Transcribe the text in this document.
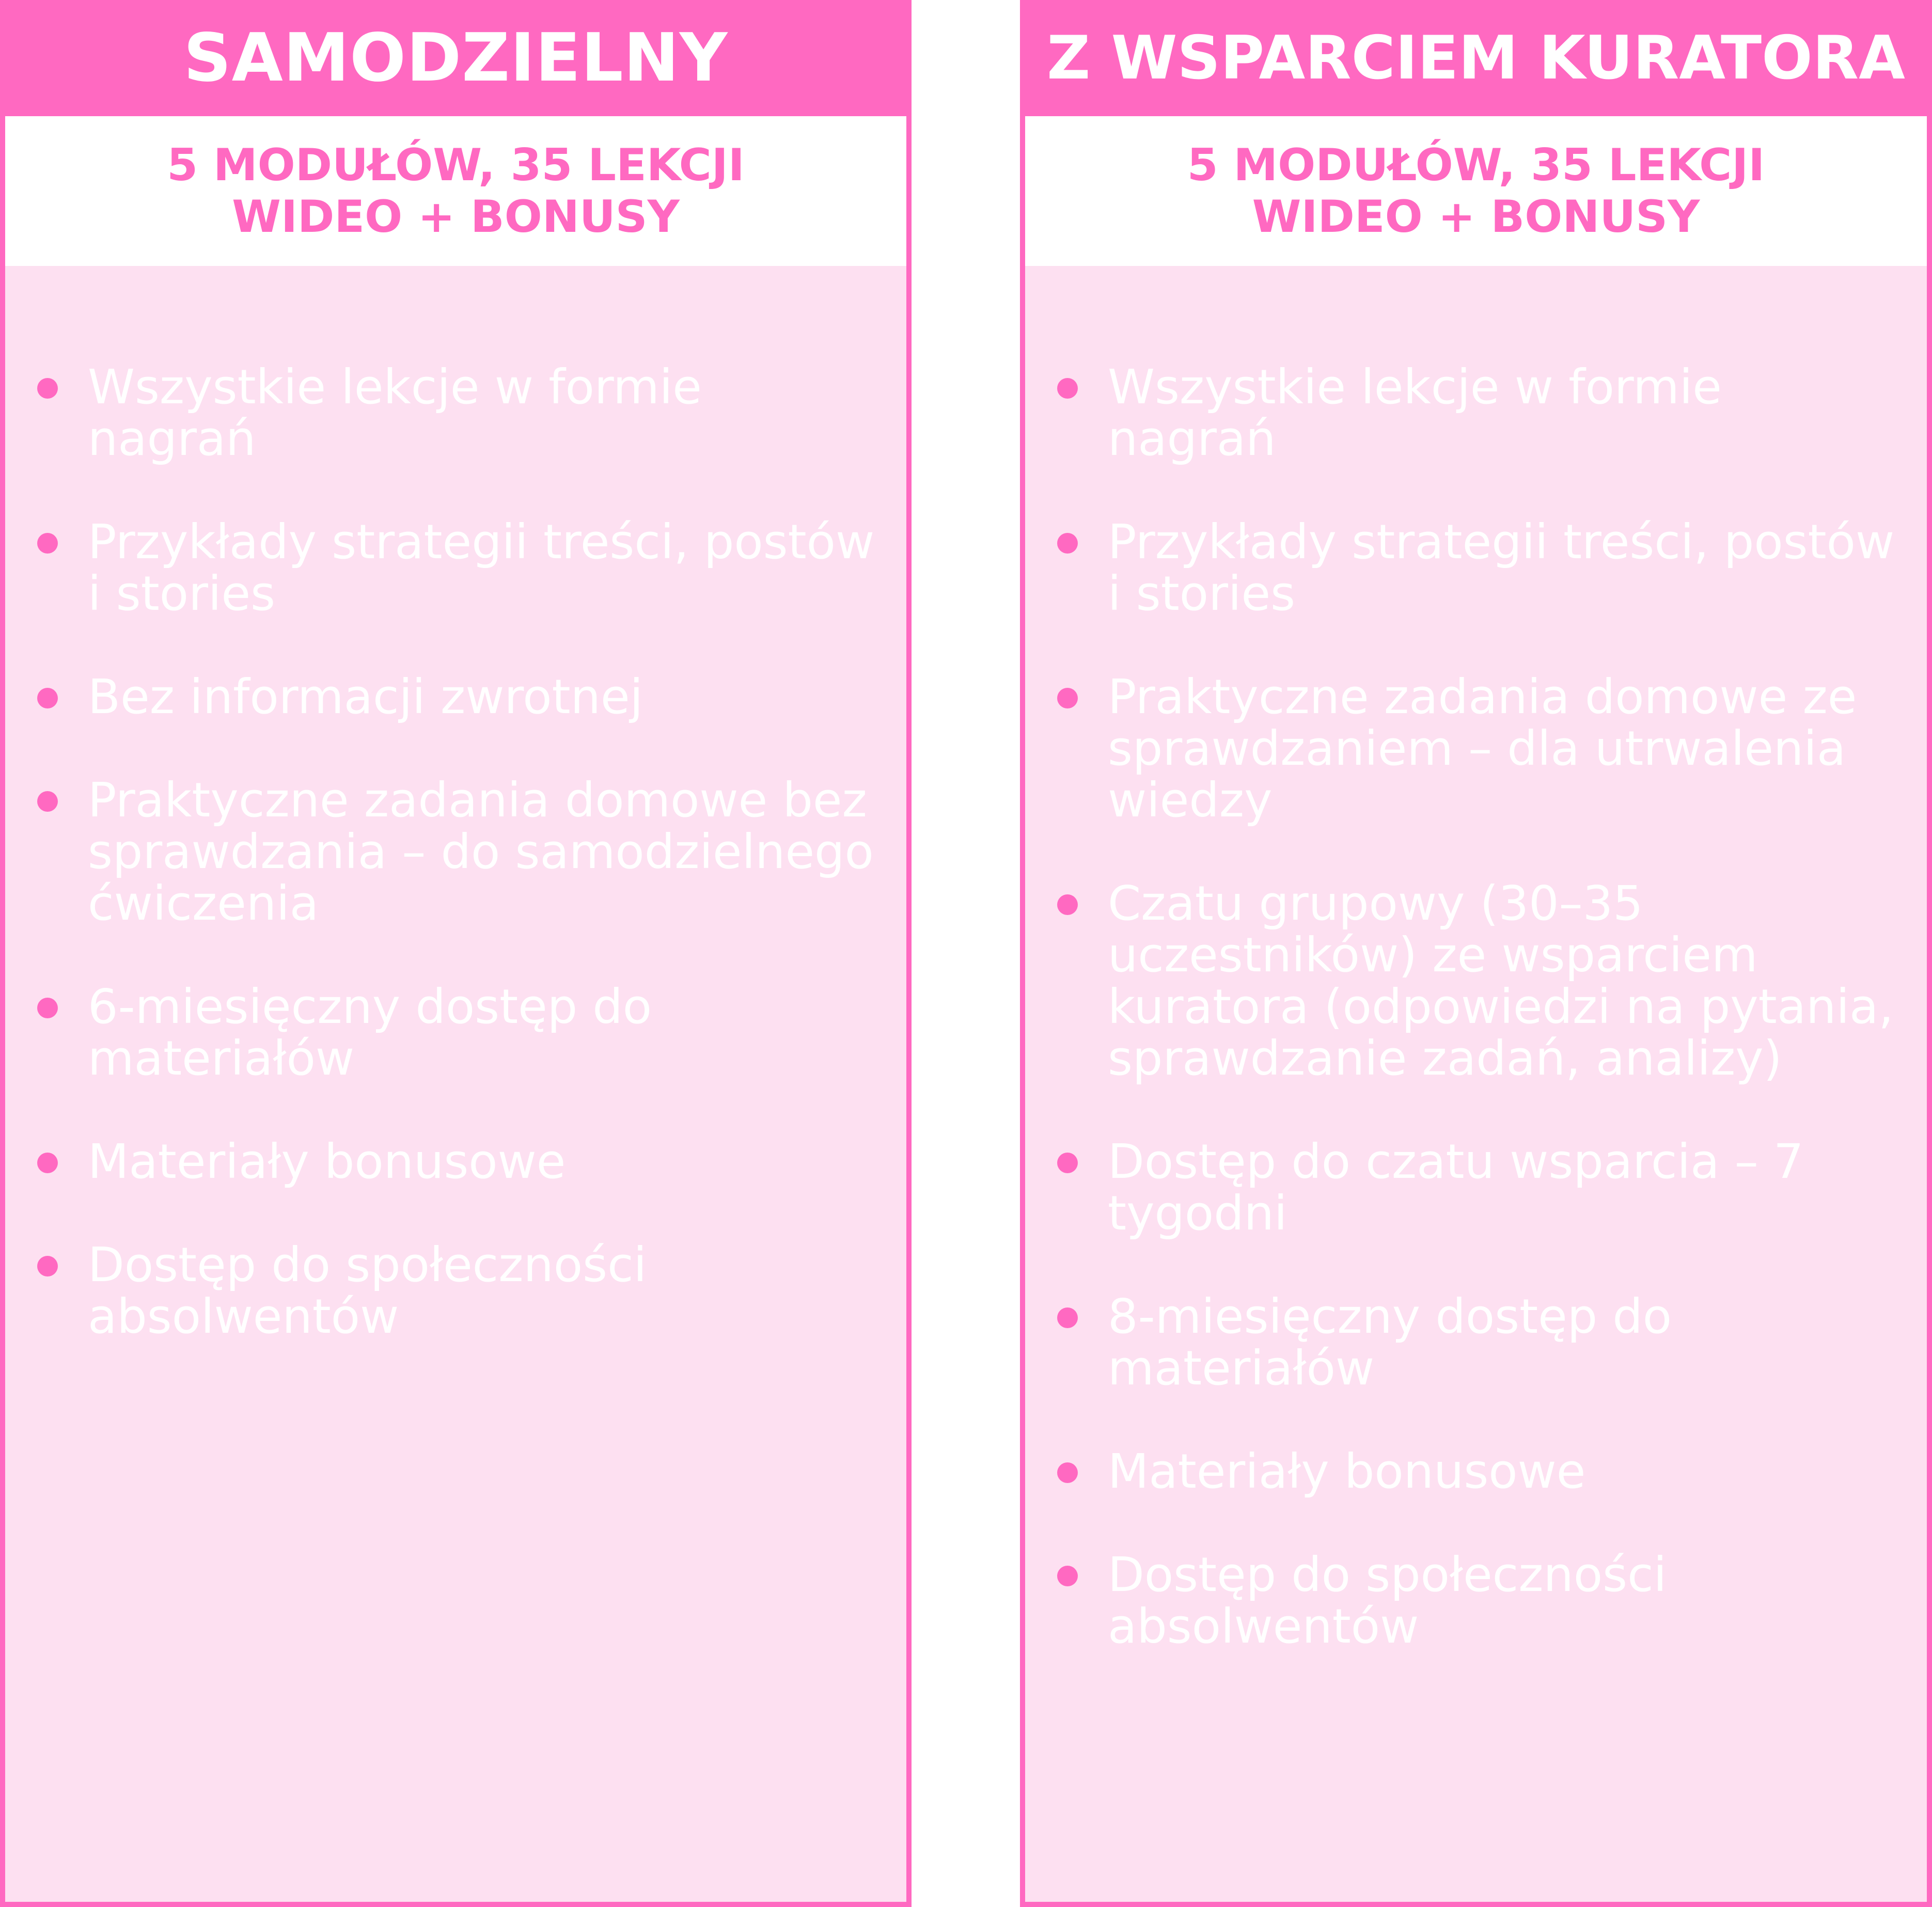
SAMODZIELNY
5 MODUŁÓW, 35 LEKCJI
WIDEO + BONUSY
Wszystkie lekcje w formie nagrań
Przykłady strategii treści, postów i stories
Bez informacji zwrotnej
Praktyczne zadania domowe bez sprawdzania – do samodzielnego ćwiczenia
6-miesięczny dostęp do materiałów
Materiały bonusowe
Dostęp do społeczności absolwentów
Z WSPARCIEM KURATORA
5 MODUŁÓW, 35 LEKCJI
WIDEO + BONUSY
Wszystkie lekcje w formie nagrań
Przykłady strategii treści, postów i stories
Praktyczne zadania domowe ze sprawdzaniem – dla utrwalenia wiedzy
Czatu grupowy (30–35 uczestników) ze wsparciem kuratora (odpowiedzi na pytania, sprawdzanie zadań, analizy)
Dostęp do czatu wsparcia – 7 tygodni
8-miesięczny dostęp do materiałów
Materiały bonusowe
Dostęp do społeczności absolwentów
